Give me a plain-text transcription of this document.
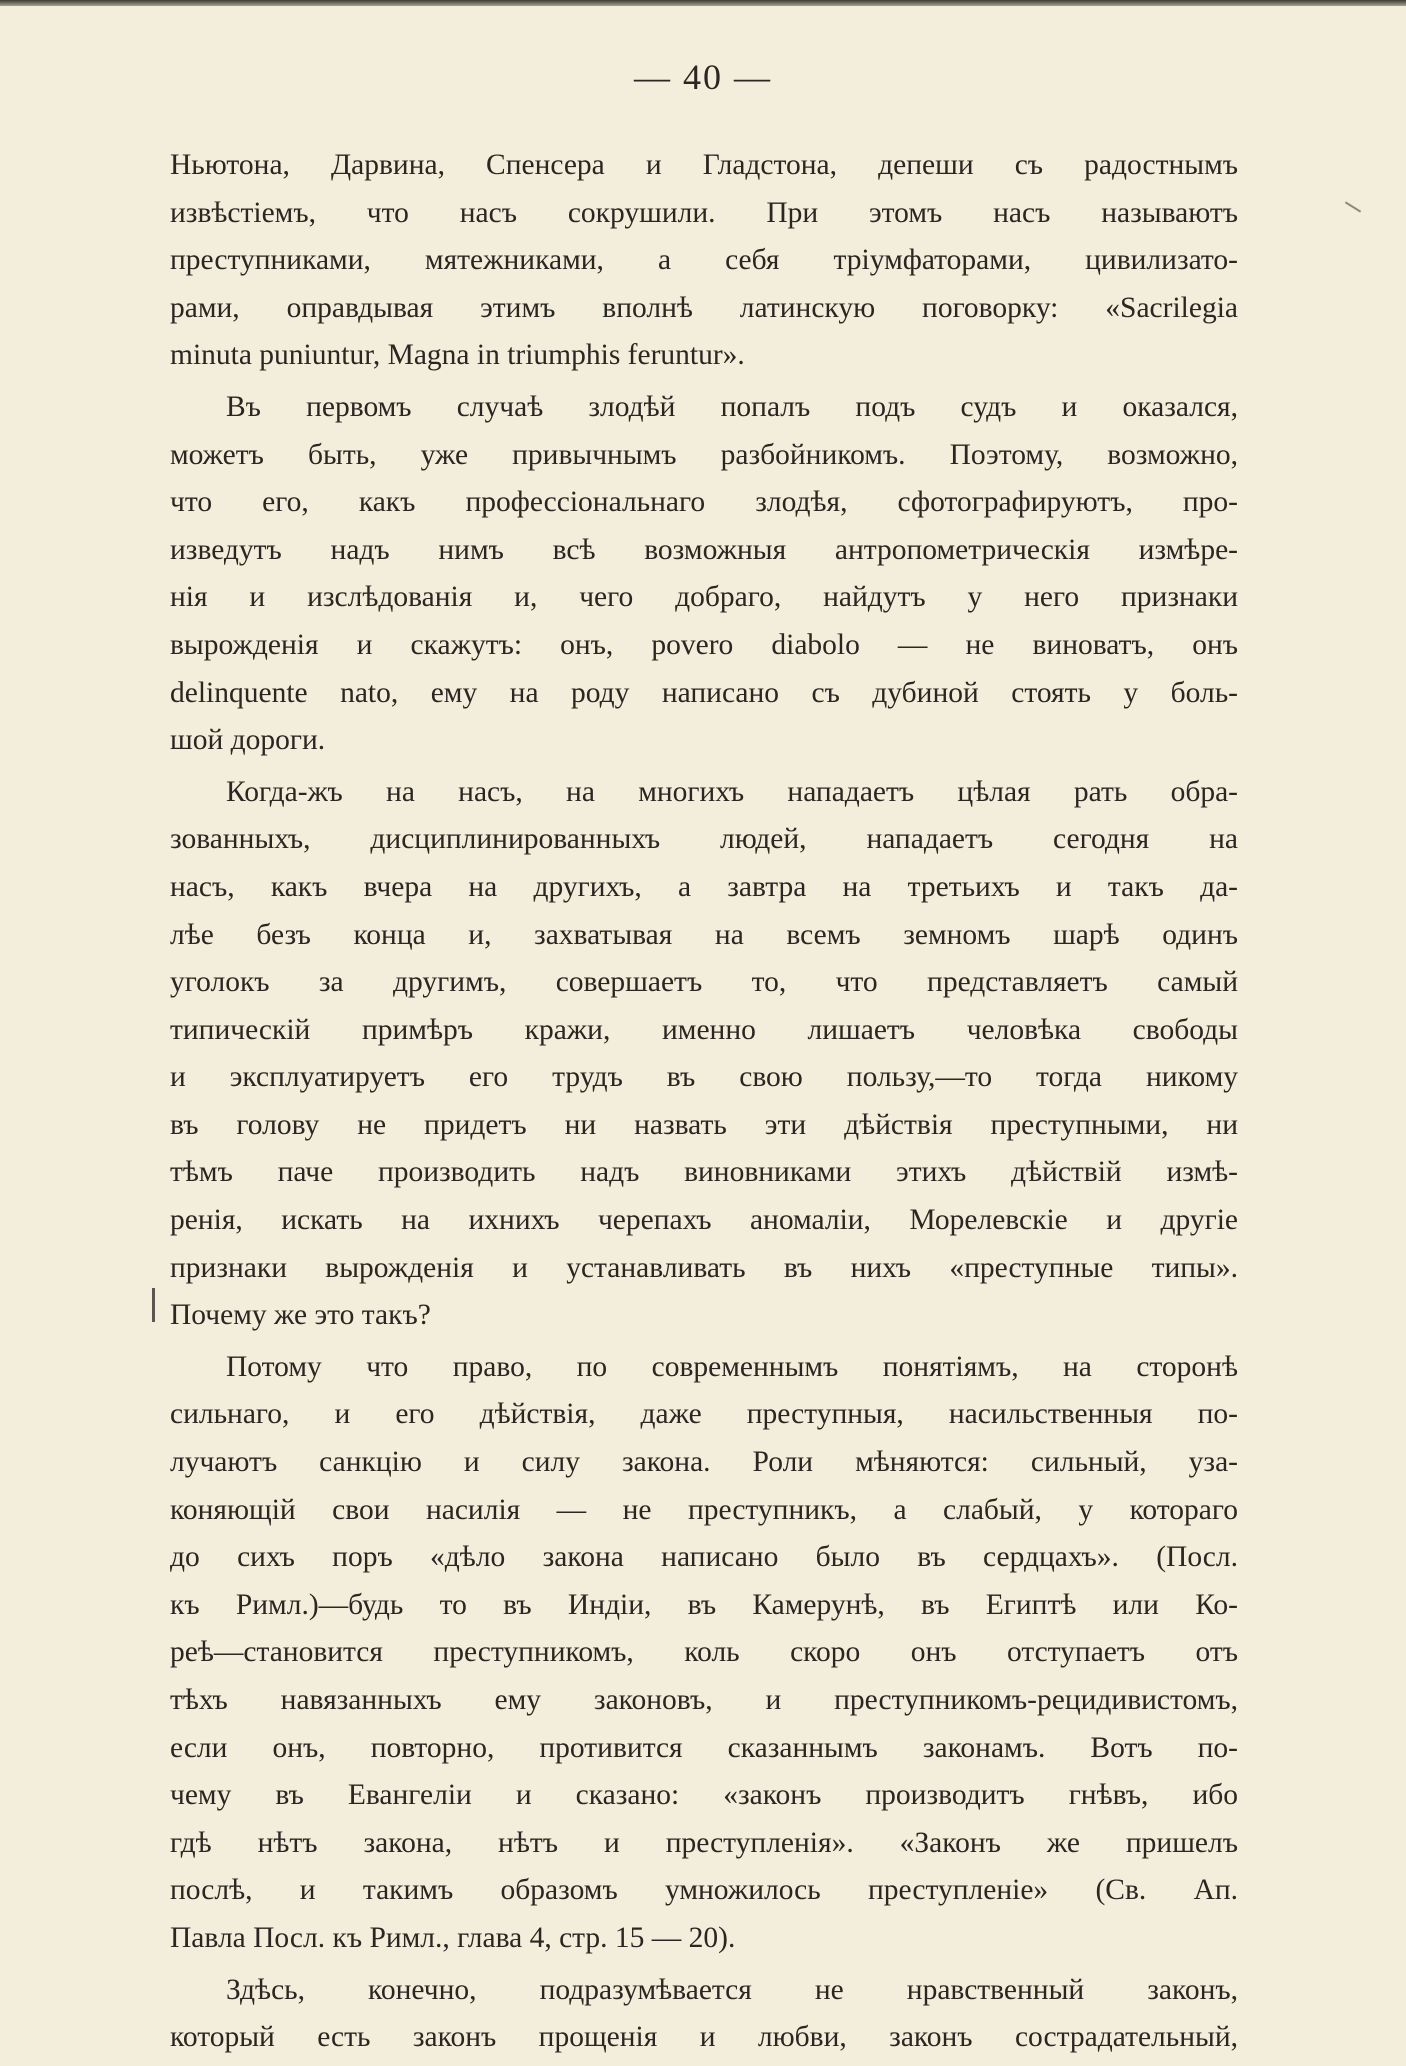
— 40 —
Ньютона, Дарвина, Спенсера и Гладстона, депеши съ радостнымъ
извѣстіемъ, что насъ сокрушили. При этомъ насъ называютъ
преступниками, мятежниками, а себя тріумфаторами, цивилизато-
рами, оправдывая этимъ вполнѣ латинскую поговорку: «Sacrilegia
minuta puniuntur, Magna in triumphis feruntur».
Въ первомъ случаѣ злодѣй попалъ подъ судъ и оказался,
можетъ быть, уже привычнымъ разбойникомъ. Поэтому, возможно,
что его, какъ профессіональнаго злодѣя, сфотографируютъ, про-
изведутъ надъ нимъ всѣ возможныя антропометрическія измѣре-
нія и изслѣдованія и, чего добраго, найдутъ у него признаки
вырожденія и скажутъ: онъ, povero diabolo — не виноватъ, онъ
delinquente nato, ему на роду написано съ дубиной стоять у боль-
шой дороги.
Когда-жъ на насъ, на многихъ нападаетъ цѣлая рать обра-
зованныхъ, дисциплинированныхъ людей, нападаетъ сегодня на
насъ, какъ вчера на другихъ, а завтра на третьихъ и такъ да-
лѣе безъ конца и, захватывая на всемъ земномъ шарѣ одинъ
уголокъ за другимъ, совершаетъ то, что представляетъ самый
типическій примѣръ кражи, именно лишаетъ человѣка свободы
и эксплуатируетъ его трудъ въ свою пользу,—то тогда никому
въ голову не придетъ ни назвать эти дѣйствія преступными, ни
тѣмъ паче производить надъ виновниками этихъ дѣйствій измѣ-
ренія, искать на ихнихъ черепахъ аномаліи, Морелевскіе и другіе
признаки вырожденія и устанавливать въ нихъ «преступные типы».
Почему же это такъ?
Потому что право, по современнымъ понятіямъ, на сторонѣ
сильнаго, и его дѣйствія, даже преступныя, насильственныя по-
лучаютъ санкцію и силу закона. Роли мѣняются: сильный, уза-
коняющій свои насилія — не преступникъ, а слабый, у котораго
до сихъ поръ «дѣло закона написано было въ сердцахъ». (Посл.
къ Римл.)—будь то въ Индіи, въ Камерунѣ, въ Египтѣ или Ко-
реѣ—становится преступникомъ, коль скоро онъ отступаетъ отъ
тѣхъ навязанныхъ ему законовъ, и преступникомъ-рецидивистомъ,
если онъ, повторно, противится сказаннымъ законамъ. Вотъ по-
чему въ Евангеліи и сказано: «законъ производитъ гнѣвъ, ибо
гдѣ нѣтъ закона, нѣтъ и преступленія». «Законъ же пришелъ
послѣ, и такимъ образомъ умножилось преступленіе» (Св. Ап.
Павла Посл. къ Римл., глава 4, стр. 15 — 20).
Здѣсь, конечно, подразумѣвается не нравственный законъ,
который есть законъ прощенія и любви, законъ сострадательный,
